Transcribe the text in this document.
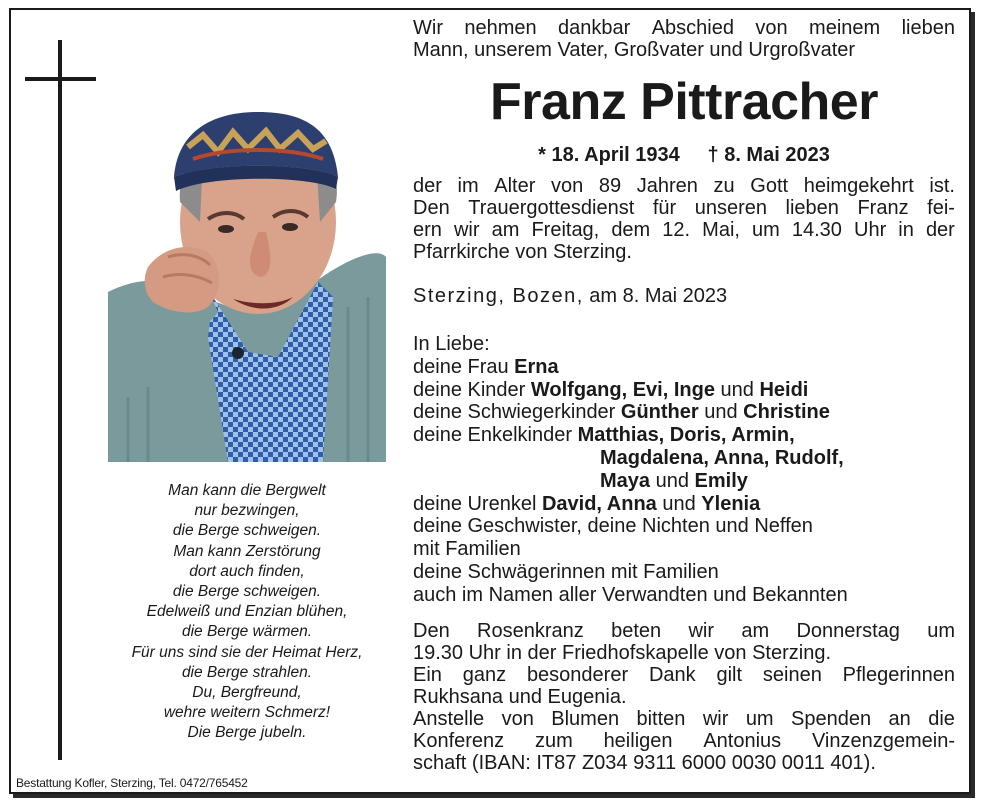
Man kann die Bergwelt
nur bezwingen,
die Berge schweigen.
Man kann Zerstörung
dort auch finden,
die Berge schweigen.
Edelweiß und Enzian blühen,
die Berge wärmen.
Für uns sind sie der Heimat Herz,
die Berge strahlen.
Du, Bergfreund,
wehre weitern Schmerz!
Die Berge jubeln.
Bestattung Kofler, Sterzing, Tel. 0472/765452
Wir nehmen dankbar Abschied von meinem lieben
Mann, unserem Vater, Großvater und Urgroßvater
Franz Pittracher
* 18. April 1934     † 8. Mai 2023
der im Alter von 89 Jahren zu Gott heimgekehrt ist.
Den Trauergottesdienst für unseren lieben Franz fei-
ern wir am Freitag, dem 12. Mai, um 14.30 Uhr in der
Pfarrkirche von Sterzing.
Sterzing, Bozen, am 8. Mai 2023
In Liebe:
deine Frau Erna
deine Kinder Wolfgang, Evi, Inge und Heidi
deine Schwiegerkinder Günther und Christine
deine Enkelkinder Matthias, Doris, Armin,
Magdalena, Anna, Rudolf,
Maya und Emily
deine Urenkel David, Anna und Ylenia
deine Geschwister, deine Nichten und Neffen
mit Familien
deine Schwägerinnen mit Familien
auch im Namen aller Verwandten und Bekannten
Den Rosenkranz beten wir am Donnerstag um
19.30 Uhr in der Friedhofskapelle von Sterzing.
Ein ganz besonderer Dank gilt seinen Pflegerinnen
Rukhsana und Eugenia.
Anstelle von Blumen bitten wir um Spenden an die
Konferenz zum heiligen Antonius Vinzenzgemein-
schaft (IBAN: IT87 Z034 9311 6000 0030 0011 401).
